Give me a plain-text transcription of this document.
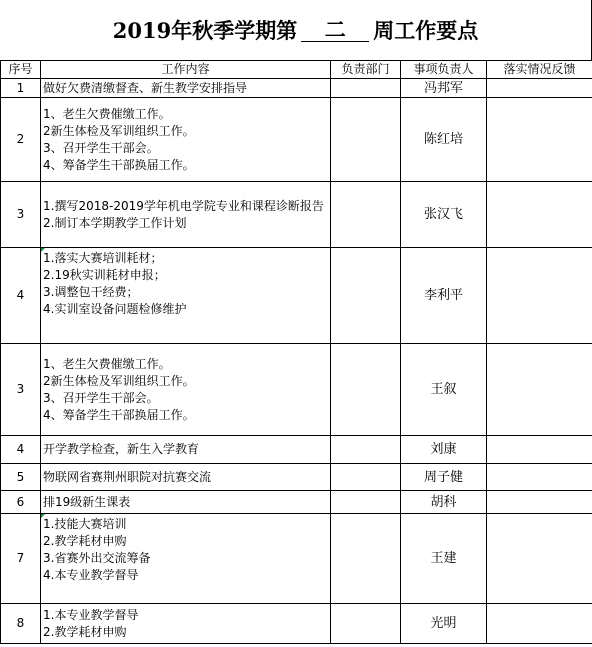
2019年秋季学期第	二	周工作要点
序号	工作内容	负责部门	事项负责人	落实情况反馈
1	做好欠费清缴督查、新生教学安排指导		冯邦军	
2	1、老生欠费催缴工作。
2新生体检及军训组织工作。
3、召开学生干部会。
4、筹备学生干部换届工作。		陈红培	
3	1.撰写2018-2019学年机电学院专业和课程诊断报告
2.制订本学期教学工作计划		张汉飞	
4	1.落实大赛培训耗材；
2.19秋实训耗材申报；
3.调整包干经费；
4.实训室设备问题检修维护		李利平	
3	1、老生欠费催缴工作。
2新生体检及军训组织工作。
3、召开学生干部会。
4、筹备学生干部换届工作。		王叙	
4	开学教学检查，新生入学教育		刘康	
5	物联网省赛荆州职院对抗赛交流		周子健	
6	排19级新生课表		胡科	
7	1.技能大赛培训
2.教学耗材申购
3.省赛外出交流筹备
4.本专业教学督导		王建	
8	1.本专业教学督导
2.教学耗材申购		光明	
